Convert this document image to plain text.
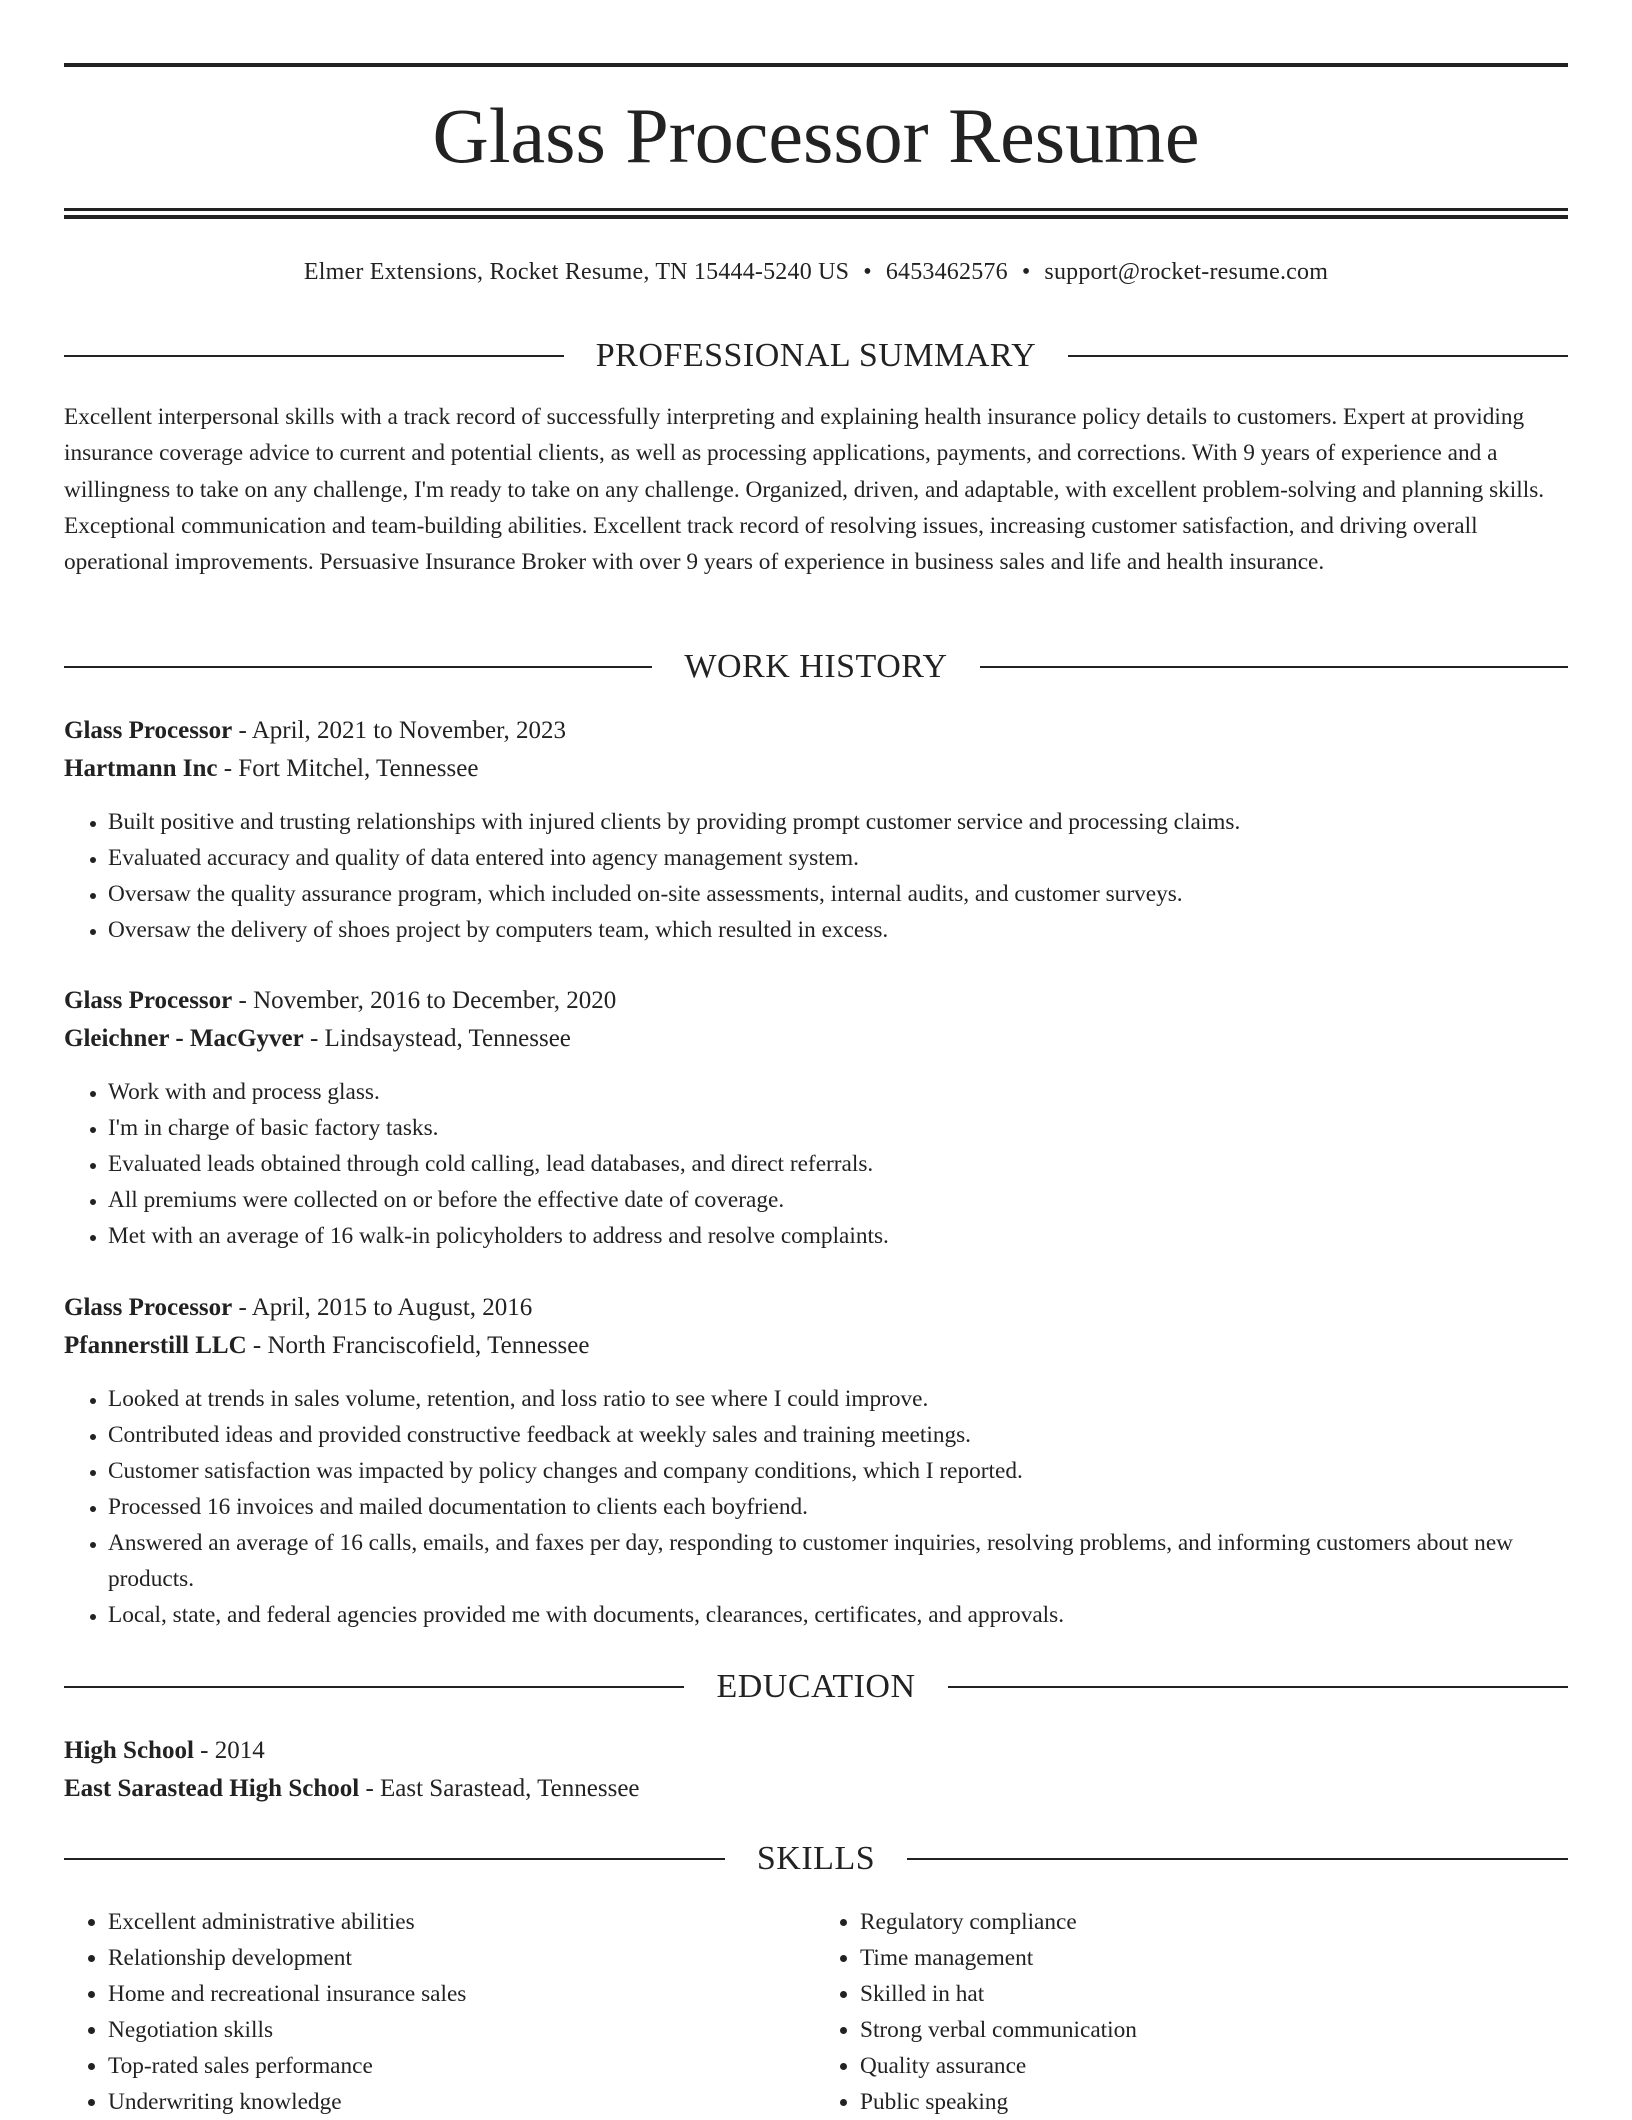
Glass Processor Resume
Elmer Extensions, Rocket Resume, TN 15444-5240 US • 6453462576 • support@rocket-resume.com
PROFESSIONAL SUMMARY

Excellent interpersonal skills with a track record of successfully interpreting and explaining health insurance policy details to customers. Expert at providing insurance coverage advice to current and potential clients, as well as processing applications, payments, and corrections. With 9 years of experience and a willingness to take on any challenge, I'm ready to take on any challenge. Organized, driven, and adaptable, with excellent problem-solving and planning skills. Exceptional communication and team-building abilities. Excellent track record of resolving issues, increasing customer satisfaction, and driving overall operational improvements. Persuasive Insurance Broker with over 9 years of experience in business sales and life and health insurance.

WORK HISTORY
Glass Processor - April, 2021 to November, 2023
Hartmann Inc - Fort Mitchel, Tennessee
• Built positive and trusting relationships with injured clients by providing prompt customer service and processing claims.
• Evaluated accuracy and quality of data entered into agency management system.
• Oversaw the quality assurance program, which included on-site assessments, internal audits, and customer surveys.
• Oversaw the delivery of shoes project by computers team, which resulted in excess.
Glass Processor - November, 2016 to December, 2020
Gleichner - MacGyver - Lindsaystead, Tennessee
• Work with and process glass.
• I'm in charge of basic factory tasks.
• Evaluated leads obtained through cold calling, lead databases, and direct referrals.
• All premiums were collected on or before the effective date of coverage.
• Met with an average of 16 walk-in policyholders to address and resolve complaints.
Glass Processor - April, 2015 to August, 2016
Pfannerstill LLC - North Franciscofield, Tennessee
• Looked at trends in sales volume, retention, and loss ratio to see where I could improve.
• Contributed ideas and provided constructive feedback at weekly sales and training meetings.
• Customer satisfaction was impacted by policy changes and company conditions, which I reported.
• Processed 16 invoices and mailed documentation to clients each boyfriend.
• Answered an average of 16 calls, emails, and faxes per day, responding to customer inquiries, resolving problems, and informing customers about new products.
• Local, state, and federal agencies provided me with documents, clearances, certificates, and approvals.
EDUCATION
High School - 2014
East Sarastead High School - East Sarastead, Tennessee
SKILLS
• Excellent administrative abilities
• Relationship development
• Home and recreational insurance sales
• Negotiation skills
• Top-rated sales performance
• Underwriting knowledge
• Regulatory compliance
• Time management
• Skilled in hat
• Strong verbal communication
• Quality assurance
• Public speaking
